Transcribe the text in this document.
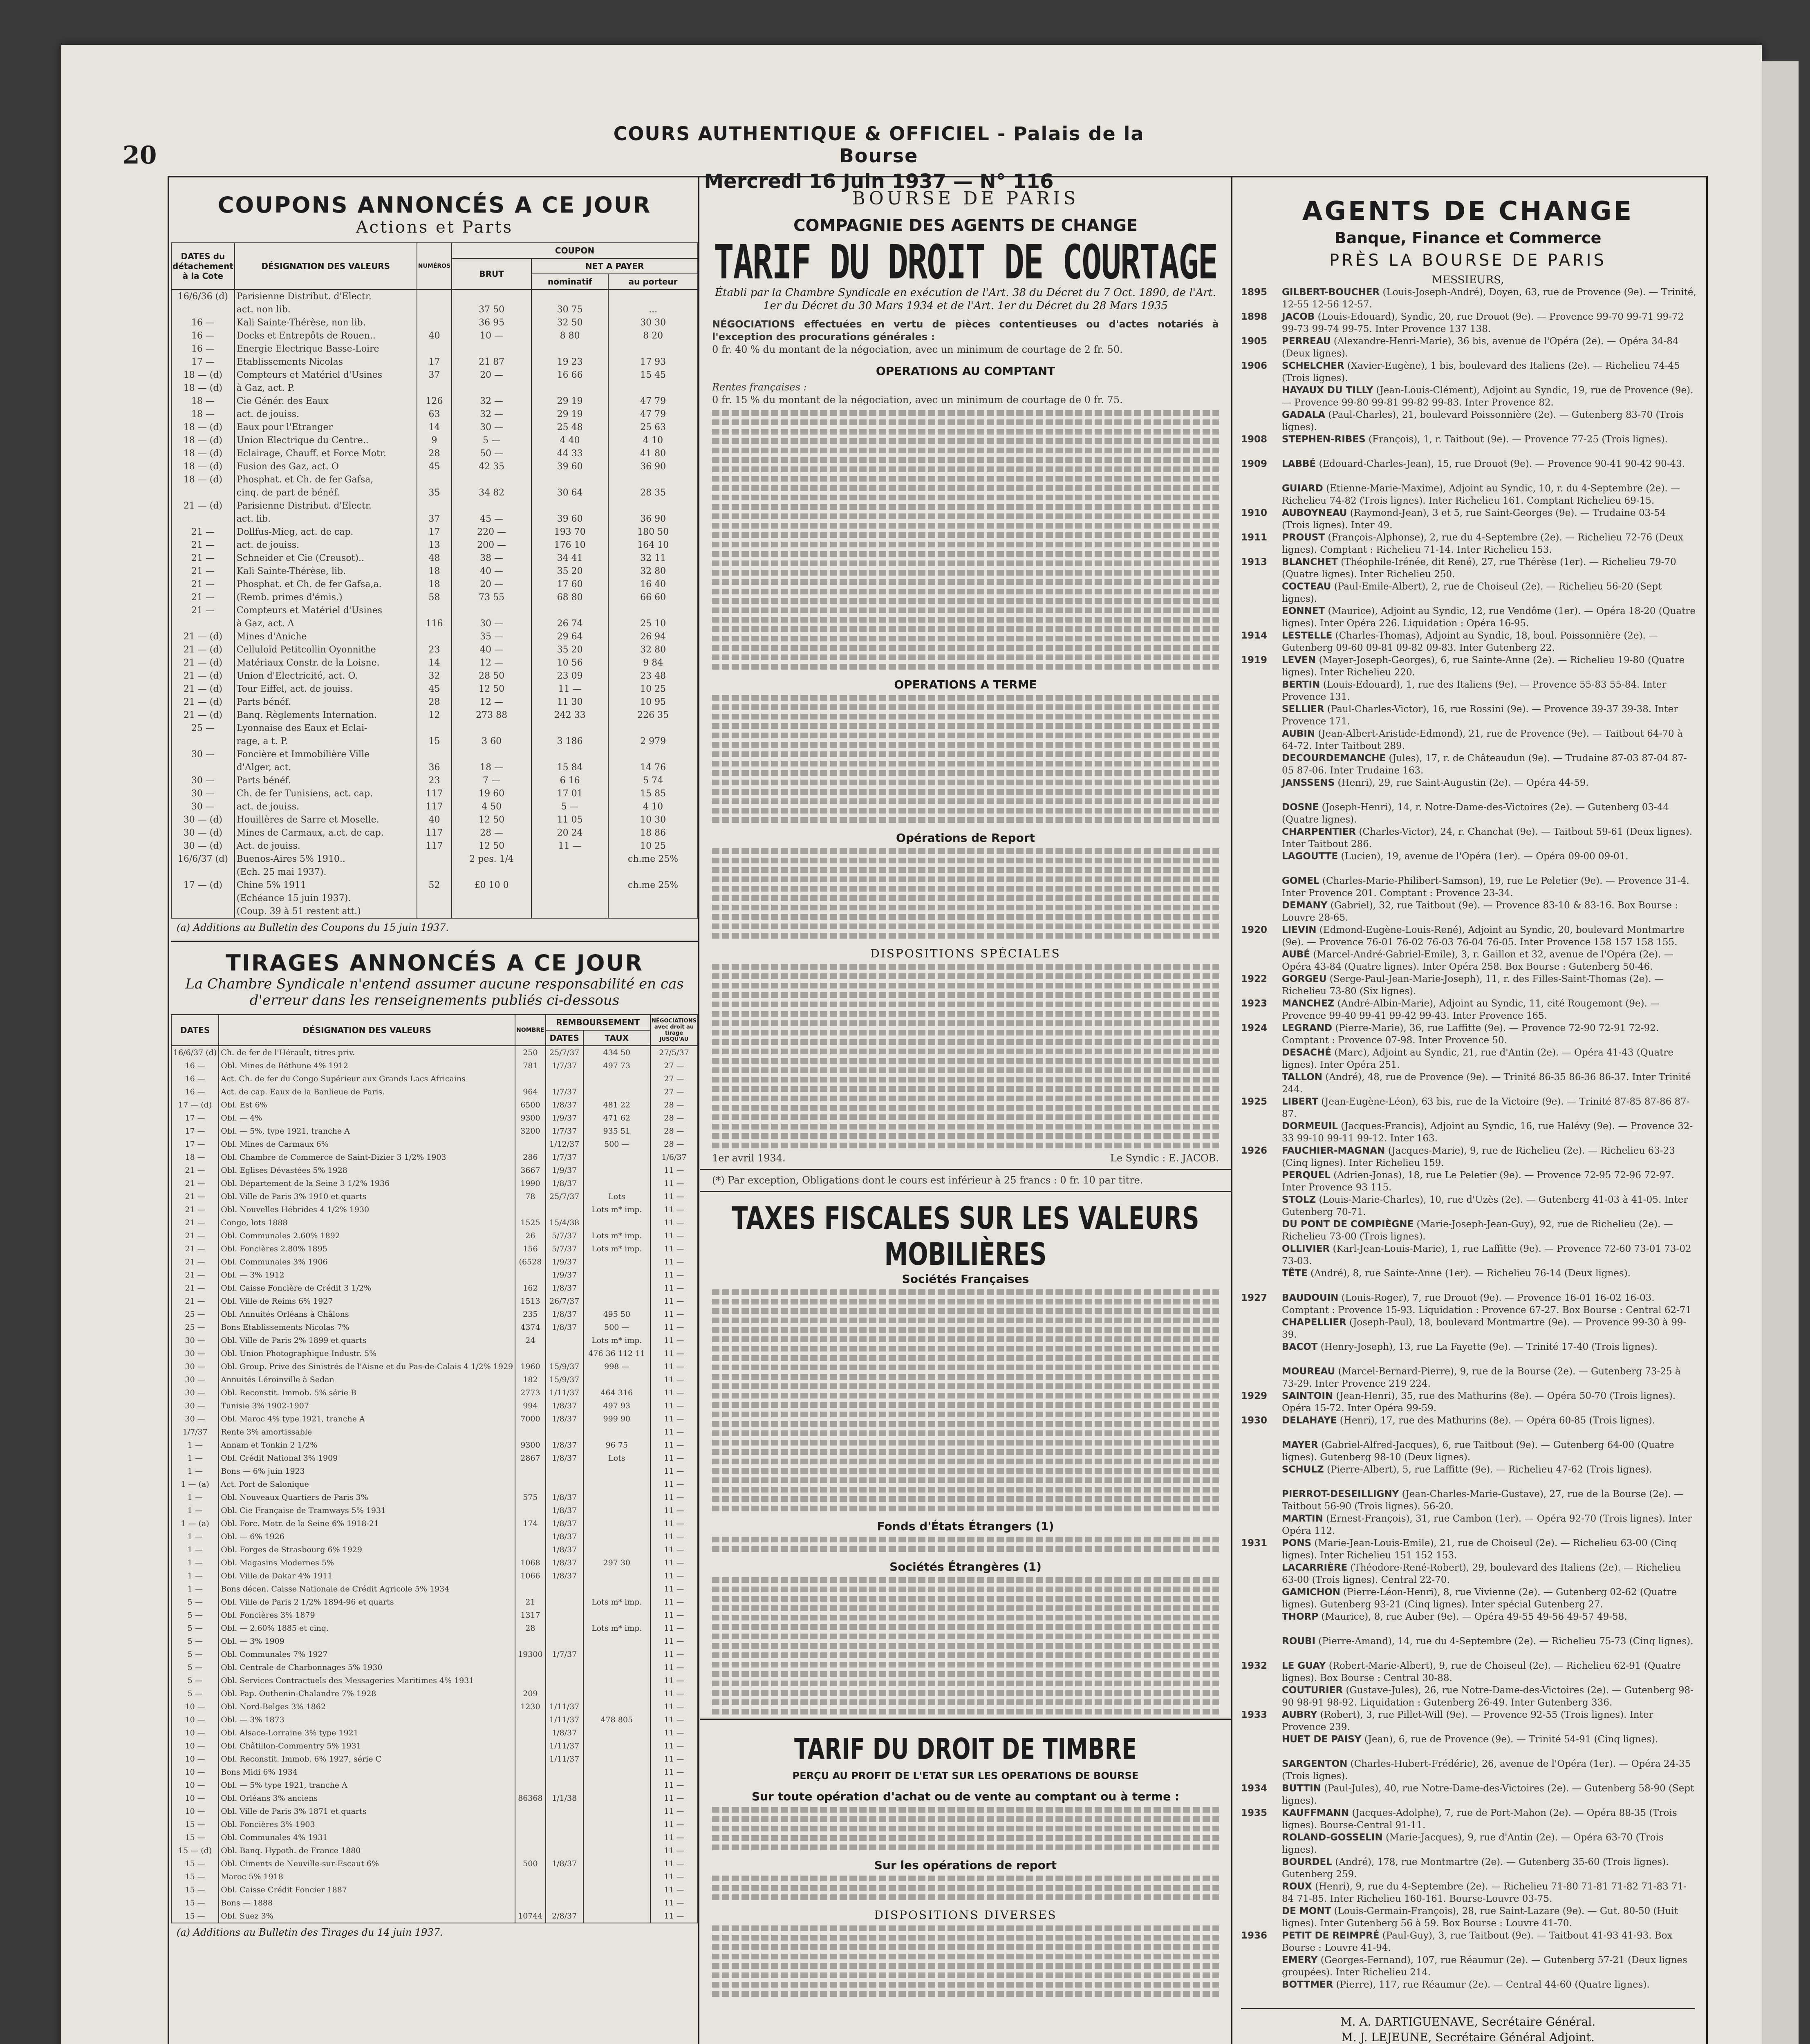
20
COURS AUTHENTIQUE & OFFICIEL - Palais de la Bourse
Mercredi 16 Juin 1937 — N° 116
COUPONS ANNONCÉS A CE JOUR
Actions et Parts
DATES du détachement à la Cote	DÉSIGNATION DES VALEURS	NUMÉROS	COUPON		
			BRUT	NET A PAYER	
				nominatif	au porteur
16/6/36 (d)	Parisienne Distribut. d'Electr.				
	act. non lib.		37 50	30 75	...
16 —	Kali Sainte-Thérèse, non lib.		36 95	32 50	30 30
16 —	Docks et Entrepôts de Rouen..	40	10 —	8 80	8 20
16 —	Energie Electrique Basse-Loire				
17 —	Etablissements Nicolas	17	21 87	19 23	17 93
18 — (d)	Compteurs et Matériel d'Usines	37	20 —	16 66	15 45
18 — (d)	à Gaz, act. P.				
18 —	Cie Génér. des Eaux	126	32 —	29 19	47 79
18 —	act. de jouiss.	63	32 —	29 19	47 79
18 — (d)	Eaux pour l'Etranger	14	30 —	25 48	25 63
18 — (d)	Union Electrique du Centre..	9	5 —	4 40	4 10
18 — (d)	Eclairage, Chauff. et Force Motr.	28	50 —	44 33	41 80
18 — (d)	Fusion des Gaz, act. O	45	42 35	39 60	36 90
18 — (d)	Phosphat. et Ch. de fer Gafsa,				
	cinq. de part de bénéf.	35	34 82	30 64	28 35
21 — (d)	Parisienne Distribut. d'Electr.				
	act. lib.	37	45 —	39 60	36 90
21 —	Dollfus-Mieg, act. de cap.	17	220 —	193 70	180 50
21 —	act. de jouiss.	13	200 —	176 10	164 10
21 —	Schneider et Cie (Creusot)..	48	38 —	34 41	32 11
21 —	Kali Sainte-Thérèse, lib.	18	40 —	35 20	32 80
21 —	Phosphat. et Ch. de fer Gafsa,a.	18	20 —	17 60	16 40
21 —	(Remb. primes d'émis.)	58	73 55	68 80	66 60
21 —	Compteurs et Matériel d'Usines				
	à Gaz, act. A	116	30 —	26 74	25 10
21 — (d)	Mines d'Aniche		35 —	29 64	26 94
21 — (d)	Celluloïd Petitcollin Oyonnithe	23	40 —	35 20	32 80
21 — (d)	Matériaux Constr. de la Loisne.	14	12 —	10 56	9 84
21 — (d)	Union d'Electricité, act. O.	32	28 50	23 09	23 48
21 — (d)	Tour Eiffel, act. de jouiss.	45	12 50	11 —	10 25
21 — (d)	Parts bénéf.	28	12 —	11 30	10 95
21 — (d)	Banq. Règlements Internation.	12	273 88	242 33	226 35
25 —	Lyonnaise des Eaux et Eclai-				
	rage, a t. P.	15	3 60	3 186	2 979
30 —	Foncière et Immobilière Ville				
	d'Alger, act.	36	18 —	15 84	14 76
30 —	Parts bénéf.	23	7 —	6 16	5 74
30 —	Ch. de fer Tunisiens, act. cap.	117	19 60	17 01	15 85
30 —	act. de jouiss.	117	4 50	5 —	4 10
30 — (d)	Houillères de Sarre et Moselle.	40	12 50	11 05	10 30
30 — (d)	Mines de Carmaux, a.ct. de cap.	117	28 —	20 24	18 86
30 — (d)	Act. de jouiss.	117	12 50	11 —	10 25
16/6/37 (d)	Buenos-Aires 5% 1910..		2 pes. 1/4		ch.me 25%
	(Ech. 25 mai 1937).				
17 — (d)	Chine 5% 1911	52	£0 10 0		ch.me 25%
	(Echéance 15 juin 1937).				
	(Coup. 39 à 51 restent att.)				
(a) Additions au Bulletin des Coupons du 15 juin 1937.
TIRAGES ANNONCÉS A CE JOUR
La Chambre Syndicale n'entend assumer aucune responsabilité en cas d'erreur dans les renseignements publiés ci-dessous
DATES	DÉSIGNATION DES VALEURS	NOMBRE	REMBOURSEMENT		NÉGOCIATIONS avec droit au tirage JUSQU'AU
			DATES	TAUX	
16/6/37 (d)	Ch. de fer de l'Hérault, titres priv.	250	25/7/37	434 50	27/5/37
16 —	Obl. Mines de Béthune 4% 1912	781	1/7/37	497 73	27 —
16 —	Act. Ch. de fer du Congo Supérieur aux Grands Lacs Africains				27 —
16 —	Act. de cap. Eaux de la Banlieue de Paris.	964	1/7/37		27 —
17 — (d)	Obl. Est 6%	6500	1/8/37	481 22	28 —
17 —	Obl. — 4%	9300	1/9/37	471 62	28 —
17 —	Obl. — 5%, type 1921, tranche A	3200	1/7/37	935 51	28 —
17 —	Obl. Mines de Carmaux 6%		1/12/37	500 —	28 —
18 —	Obl. Chambre de Commerce de Saint-Dizier 3 1/2% 1903	286	1/7/37		1/6/37
21 —	Obl. Eglises Dévastées 5% 1928	3667	1/9/37		11 —
21 —	Obl. Département de la Seine 3 1/2% 1936	1990	1/8/37		11 —
21 —	Obl. Ville de Paris 3% 1910 et quarts	78	25/7/37	Lots	11 —
21 —	Obl. Nouvelles Hébrides 4 1/2% 1930			Lots m* imp.	11 —
21 —	Congo, lots 1888	1525	15/4/38		11 —
21 —	Obl. Communales 2.60% 1892	26	5/7/37	Lots m* imp.	11 —
21 —	Obl. Foncières 2.80% 1895	156	5/7/37	Lots m* imp.	11 —
21 —	Obl. Communales 3% 1906	(6528	1/9/37		11 —
21 —	Obl. — 3% 1912		1/9/37		11 —
21 —	Obl. Caisse Foncière de Crédit 3 1/2%	162	1/8/37		11 —
21 —	Obl. Ville de Reims 6% 1927	1513	26/7/37		11 —
25 —	Obl. Annuités Orléans à Châlons	235	1/8/37	495 50	11 —
25 —	Bons Etablissements Nicolas 7%	4374	1/8/37	500 —	11 —
30 —	Obl. Ville de Paris 2% 1899 et quarts	24		Lots m* imp.	11 —
30 —	Obl. Union Photographique Industr. 5%			476 36 112 11	11 —
30 —	Obl. Group. Prive des Sinistrés de l'Aisne et du Pas-de-Calais 4 1/2% 1929	1960	15/9/37	998 —	11 —
30 —	Annuités Léroinville à Sedan	182	15/9/37		11 —
30 —	Obl. Reconstit. Immob. 5% série B	2773	1/11/37	464 316	11 —
30 —	Tunisie 3% 1902-1907	994	1/8/37	497 93	11 —
30 —	Obl. Maroc 4% type 1921, tranche A	7000	1/8/37	999 90	11 —
1/7/37	Rente 3% amortissable				11 —
1 —	Annam et Tonkin 2 1/2%	9300	1/8/37	96 75	11 —
1 —	Obl. Crédit National 3% 1909	2867	1/8/37	Lots	11 —
1 —	Bons — 6% juin 1923				11 —
1 — (a)	Act. Port de Salonique				11 —
1 —	Obl. Nouveaux Quartiers de Paris 3%	575	1/8/37		11 —
1 —	Obl. Cie Française de Tramways 5% 1931		1/8/37		11 —
1 — (a)	Obl. Forc. Motr. de la Seine 6% 1918-21	174	1/8/37		11 —
1 —	Obl. — 6% 1926		1/8/37		11 —
1 —	Obl. Forges de Strasbourg 6% 1929		1/8/37		11 —
1 —	Obl. Magasins Modernes 5%	1068	1/8/37	297 30	11 —
1 —	Obl. Ville de Dakar 4% 1911	1066	1/8/37		11 —
1 —	Bons décen. Caisse Nationale de Crédit Agricole 5% 1934				11 —
5 —	Obl. Ville de Paris 2 1/2% 1894-96 et quarts	21		Lots m* imp.	11 —
5 —	Obl. Foncières 3% 1879	1317			11 —
5 —	Obl. — 2.60% 1885 et cinq.	28		Lots m* imp.	11 —
5 —	Obl. — 3% 1909				11 —
5 —	Obl. Communales 7% 1927	19300	1/7/37		11 —
5 —	Obl. Centrale de Charbonnages 5% 1930				11 —
5 —	Obl. Services Contractuels des Messageries Maritimes 4% 1931				11 —
5 —	Obl. Pap. Outhenin-Chalandre 7% 1928	209			11 —
10 —	Obl. Nord-Belges 3% 1862	1230	1/11/37		11 —
10 —	Obl. — 3% 1873		1/11/37	478 805	11 —
10 —	Obl. Alsace-Lorraine 3% type 1921		1/8/37		11 —
10 —	Obl. Châtillon-Commentry 5% 1931		1/11/37		11 —
10 —	Obl. Reconstit. Immob. 6% 1927, série C		1/11/37		11 —
10 —	Bons Midi 6% 1934				11 —
10 —	Obl. — 5% type 1921, tranche A				11 —
10 —	Obl. Orléans 3% anciens	86368	1/1/38		11 —
10 —	Obl. Ville de Paris 3% 1871 et quarts				11 —
15 —	Obl. Foncières 3% 1903				11 —
15 —	Obl. Communales 4% 1931				11 —
15 — (d)	Obl. Banq. Hypoth. de France 1880				11 —
15 —	Obl. Ciments de Neuville-sur-Escaut 6%	500	1/8/37		11 —
15 —	Maroc 5% 1918				11 —
15 —	Obl. Caisse Crédit Foncier 1887				11 —
15 —	Bons — 1888				11 —
15 —	Obl. Suez 3%	10744	2/8/37		11 —
(a) Additions au Bulletin des Tirages du 14 juin 1937.
BOURSE DE PARIS
COMPAGNIE DES AGENTS DE CHANGE
TARIF DU DROIT DE COURTAGE
Établi par la Chambre Syndicale en exécution de l'Art. 38 du Décret du 7 Oct. 1890, de l'Art. 1er du Décret du 30 Mars 1934 et de l'Art. 1er du Décret du 28 Mars 1935
NÉGOCIATIONS effectuées en vertu de pièces contentieuses ou d'actes notariés à l'exception des procurations générales :
0 fr. 40 % du montant de la négociation, avec un minimum de courtage de 2 fr. 50.
OPERATIONS AU COMPTANT
Rentes françaises :
0 fr. 15 % du montant de la négociation, avec un minimum de courtage de 0 fr. 75.
OPERATIONS A TERME
Opérations de Report
DISPOSITIONS SPÉCIALES
1er avril 1934.	Le Syndic : E. JACOB.
(*) Par exception, Obligations dont le cours est inférieur à 25 francs : 0 fr. 10 par titre.
TAXES FISCALES SUR LES VALEURS MOBILIÈRES
Sociétés Françaises
Fonds d'États Étrangers (1)
Sociétés Étrangères (1)
TARIF DU DROIT DE TIMBRE
PERÇU AU PROFIT DE L'ETAT SUR LES OPERATIONS DE BOURSE
Sur toute opération d'achat ou de vente au comptant ou à terme :
Sur les opérations de report
DISPOSITIONS DIVERSES
AGENTS DE CHANGE
Banque, Finance et Commerce
PRÈS LA BOURSE DE PARIS
MESSIEURS,
1895 GILBERT-BOUCHER (Louis-Joseph-André), Doyen, 63, rue de Provence (9e). — Trinité, 12-55 12-56 12-57.
1898 JACOB (Louis-Edouard), Syndic, 20, rue Drouot (9e). — Provence 99-70 99-71 99-72 99-73 99-74 99-75. Inter Provence 137 138.
1905 PERREAU (Alexandre-Henri-Marie), 36 bis, avenue de l'Opéra (2e). — Opéra 34-84 (Deux lignes).
1906 SCHELCHER (Xavier-Eugène), 1 bis, boulevard des Italiens (2e). — Richelieu 74-45 (Trois lignes).
HAYAUX DU TILLY (Jean-Louis-Clément), Adjoint au Syndic, 19, rue de Provence (9e). — Provence 99-80 99-81 99-82 99-83. Inter Provence 82.
GADALA (Paul-Charles), 21, boulevard Poissonnière (2e). — Gutenberg 83-70 (Trois lignes).
1908 STEPHEN-RIBES (François), 1, r. Taitbout (9e). — Provence 77-25 (Trois lignes).
1909 LABBÉ (Edouard-Charles-Jean), 15, rue Drouot (9e). — Provence 90-41 90-42 90-43.
GUIARD (Etienne-Marie-Maxime), Adjoint au Syndic, 10, r. du 4-Septembre (2e). — Richelieu 74-82 (Trois lignes). Inter Richelieu 161. Comptant Richelieu 69-15.
1910 AUBOYNEAU (Raymond-Jean), 3 et 5, rue Saint-Georges (9e). — Trudaine 03-54 (Trois lignes). Inter 49.
1911 PROUST (François-Alphonse), 2, rue du 4-Septembre (2e). — Richelieu 72-76 (Deux lignes). Comptant : Richelieu 71-14. Inter Richelieu 153.
1913 BLANCHET (Théophile-Irénée, dit René), 27, rue Thérèse (1er). — Richelieu 79-70 (Quatre lignes). Inter Richelieu 250.
COCTEAU (Paul-Emile-Albert), 2, rue de Choiseul (2e). — Richelieu 56-20 (Sept lignes).
EONNET (Maurice), Adjoint au Syndic, 12, rue Vendôme (1er). — Opéra 18-20 (Quatre lignes). Inter Opéra 226. Liquidation : Opéra 16-95.
1914 LESTELLE (Charles-Thomas), Adjoint au Syndic, 18, boul. Poissonnière (2e). — Gutenberg 09-60 09-81 09-82 09-83. Inter Gutenberg 22.
1919 LEVEN (Mayer-Joseph-Georges), 6, rue Sainte-Anne (2e). — Richelieu 19-80 (Quatre lignes). Inter Richelieu 220.
BERTIN (Louis-Edouard), 1, rue des Italiens (9e). — Provence 55-83 55-84. Inter Provence 131.
SELLIER (Paul-Charles-Victor), 16, rue Rossini (9e). — Provence 39-37 39-38. Inter Provence 171.
AUBIN (Jean-Albert-Aristide-Edmond), 21, rue de Provence (9e). — Taitbout 64-70 à 64-72. Inter Taitbout 289.
DECOURDEMANCHE (Jules), 17, r. de Châteaudun (9e). — Trudaine 87-03 87-04 87-05 87-06. Inter Trudaine 163.
JANSSENS (Henri), 29, rue Saint-Augustin (2e). — Opéra 44-59.
DOSNE (Joseph-Henri), 14, r. Notre-Dame-des-Victoires (2e). — Gutenberg 03-44 (Quatre lignes).
CHARPENTIER (Charles-Victor), 24, r. Chanchat (9e). — Taitbout 59-61 (Deux lignes). Inter Taitbout 286.
LAGOUTTE (Lucien), 19, avenue de l'Opéra (1er). — Opéra 09-00 09-01.
GOMEL (Charles-Marie-Philibert-Samson), 19, rue Le Peletier (9e). — Provence 31-4. Inter Provence 201. Comptant : Provence 23-34.
DEMANY (Gabriel), 32, rue Taitbout (9e). — Provence 83-10 & 83-16. Box Bourse : Louvre 28-65.
1920 LIEVIN (Edmond-Eugène-Louis-René), Adjoint au Syndic, 20, boulevard Montmartre (9e). — Provence 76-01 76-02 76-03 76-04 76-05. Inter Provence 158 157 158 155.
AUBÉ (Marcel-André-Gabriel-Emile), 3, r. Gaillon et 32, avenue de l'Opéra (2e). — Opéra 43-84 (Quatre lignes). Inter Opéra 258. Box Bourse : Gutenberg 50-46.
1922 GORGEU (Serge-Paul-Jean-Marie-Joseph), 11, r. des Filles-Saint-Thomas (2e). — Richelieu 73-80 (Six lignes).
1923 MANCHEZ (André-Albin-Marie), Adjoint au Syndic, 11, cité Rougemont (9e). — Provence 99-40 99-41 99-42 99-43. Inter Provence 165.
1924 LEGRAND (Pierre-Marie), 36, rue Laffitte (9e). — Provence 72-90 72-91 72-92. Comptant : Provence 07-98. Inter Provence 50.
DESACHÉ (Marc), Adjoint au Syndic, 21, rue d'Antin (2e). — Opéra 41-43 (Quatre lignes). Inter Opéra 251.
TALLON (André), 48, rue de Provence (9e). — Trinité 86-35 86-36 86-37. Inter Trinité 244.
1925 LIBERT (Jean-Eugène-Léon), 63 bis, rue de la Victoire (9e). — Trinité 87-85 87-86 87-87.
DORMEUIL (Jacques-Francis), Adjoint au Syndic, 16, rue Halévy (9e). — Provence 32-33 99-10 99-11 99-12. Inter 163.
1926 FAUCHIER-MAGNAN (Jacques-Marie), 9, rue de Richelieu (2e). — Richelieu 63-23 (Cinq lignes). Inter Richelieu 159.
PERQUEL (Adrien-Jonas), 18, rue Le Peletier (9e). — Provence 72-95 72-96 72-97. Inter Provence 93 115.
STOLZ (Louis-Marie-Charles), 10, rue d'Uzès (2e). — Gutenberg 41-03 à 41-05. Inter Gutenberg 70-71.
DU PONT DE COMPIÈGNE (Marie-Joseph-Jean-Guy), 92, rue de Richelieu (2e). — Richelieu 73-00 (Trois lignes).
OLLIVIER (Karl-Jean-Louis-Marie), 1, rue Laffitte (9e). — Provence 72-60 73-01 73-02 73-03.
TÊTE (André), 8, rue Sainte-Anne (1er). — Richelieu 76-14 (Deux lignes).
1927 BAUDOUIN (Louis-Roger), 7, rue Drouot (9e). — Provence 16-01 16-02 16-03. Comptant : Provence 15-93. Liquidation : Provence 67-27. Box Bourse : Central 62-71
CHAPELLIER (Joseph-Paul), 18, boulevard Montmartre (9e). — Provence 99-30 à 99-39.
BACOT (Henry-Joseph), 13, rue La Fayette (9e). — Trinité 17-40 (Trois lignes).
MOUREAU (Marcel-Bernard-Pierre), 9, rue de la Bourse (2e). — Gutenberg 73-25 à 73-29. Inter Provence 219 224.
1929 SAINTOIN (Jean-Henri), 35, rue des Mathurins (8e). — Opéra 50-70 (Trois lignes). Opéra 15-72. Inter Opéra 99-59.
1930 DELAHAYE (Henri), 17, rue des Mathurins (8e). — Opéra 60-85 (Trois lignes).
MAYER (Gabriel-Alfred-Jacques), 6, rue Taitbout (9e). — Gutenberg 64-00 (Quatre lignes). Gutenberg 98-10 (Deux lignes).
SCHULZ (Pierre-Albert), 5, rue Laffitte (9e). — Richelieu 47-62 (Trois lignes).
PIERROT-DESEILLIGNY (Jean-Charles-Marie-Gustave), 27, rue de la Bourse (2e). — Taitbout 56-90 (Trois lignes). 56-20.
MARTIN (Ernest-François), 31, rue Cambon (1er). — Opéra 92-70 (Trois lignes). Inter Opéra 112.
1931 PONS (Marie-Jean-Louis-Emile), 21, rue de Choiseul (2e). — Richelieu 63-00 (Cinq lignes). Inter Richelieu 151 152 153.
LACARRIÈRE (Théodore-René-Robert), 29, boulevard des Italiens (2e). — Richelieu 63-00 (Trois lignes). Central 22-70.
GAMICHON (Pierre-Léon-Henri), 8, rue Vivienne (2e). — Gutenberg 02-62 (Quatre lignes). Gutenberg 93-21 (Cinq lignes). Inter spécial Gutenberg 27.
THORP (Maurice), 8, rue Auber (9e). — Opéra 49-55 49-56 49-57 49-58.
ROUBI (Pierre-Amand), 14, rue du 4-Septembre (2e). — Richelieu 75-73 (Cinq lignes).
1932 LE GUAY (Robert-Marie-Albert), 9, rue de Choiseul (2e). — Richelieu 62-91 (Quatre lignes). Box Bourse : Central 30-88.
COUTURIER (Gustave-Jules), 26, rue Notre-Dame-des-Victoires (2e). — Gutenberg 98-90 98-91 98-92. Liquidation : Gutenberg 26-49. Inter Gutenberg 336.
1933 AUBRY (Robert), 3, rue Pillet-Will (9e). — Provence 92-55 (Trois lignes). Inter Provence 239.
HUET DE PAISY (Jean), 6, rue de Provence (9e). — Trinité 54-91 (Cinq lignes).
SARGENTON (Charles-Hubert-Frédéric), 26, avenue de l'Opéra (1er). — Opéra 24-35 (Trois lignes).
1934 BUTTIN (Paul-Jules), 40, rue Notre-Dame-des-Victoires (2e). — Gutenberg 58-90 (Sept lignes).
1935 KAUFFMANN (Jacques-Adolphe), 7, rue de Port-Mahon (2e). — Opéra 88-35 (Trois lignes). Bourse-Central 91-11.
ROLAND-GOSSELIN (Marie-Jacques), 9, rue d'Antin (2e). — Opéra 63-70 (Trois lignes).
BOURDEL (André), 178, rue Montmartre (2e). — Gutenberg 35-60 (Trois lignes). Gutenberg 259.
ROUX (Henri), 9, rue du 4-Septembre (2e). — Richelieu 71-80 71-81 71-82 71-83 71-84 71-85. Inter Richelieu 160-161. Bourse-Louvre 03-75.
DE MONT (Louis-Germain-François), 28, rue Saint-Lazare (9e). — Gut. 80-50 (Huit lignes). Inter Gutenberg 56 à 59. Box Bourse : Louvre 41-70.
1936 PETIT DE REIMPRÉ (Paul-Guy), 3, rue Taitbout (9e). — Taitbout 41-93 41-93. Box Bourse : Louvre 41-94.
EMERY (Georges-Fernand), 107, rue Réaumur (2e). — Gutenberg 57-21 (Deux lignes groupées). Inter Richelieu 214.
BOTTMER (Pierre), 117, rue Réaumur (2e). — Central 44-60 (Quatre lignes).
M. A. DARTIGUENAVE, Secrétaire Général.
M. J. LEJEUNE, Secrétaire Général Adjoint.
